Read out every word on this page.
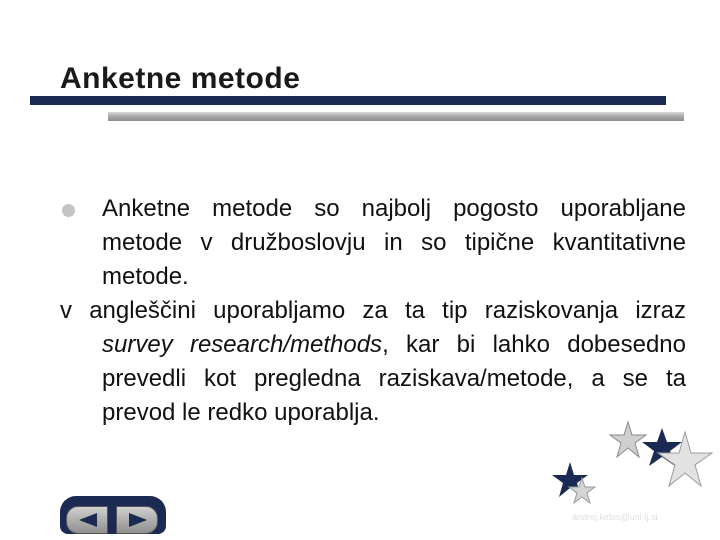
Anketne metode

Anketne metode so najbolj pogosto uporabljane metode v družboslovju in so tipične kvantitativne metode.

v angleščini uporabljamo za ta tip raziskovanja izraz survey research/methods, kar bi lahko dobesedno prevedli kot pregledna raziskava/metode, a se ta prevod le redko uporablja.

andrej.kirbis@uni-lj.si
